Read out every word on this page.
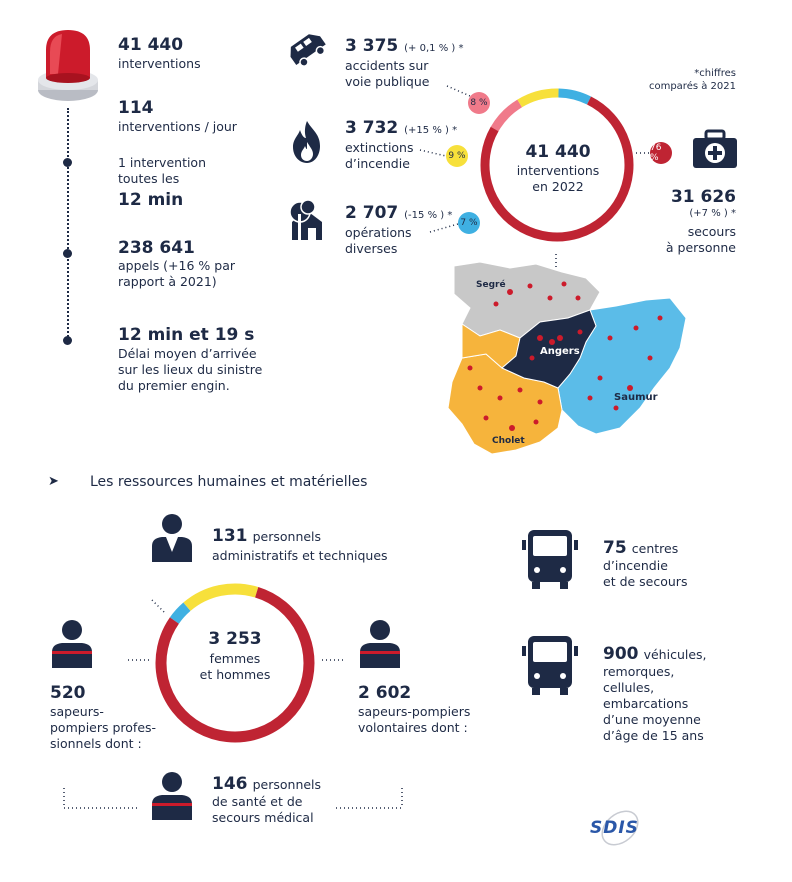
41 440
interventions
114
interventions / jour
1 intervention
toutes les
12 min
238 641
appels (+16 % par
rapport à 2021)
12 min et 19 s
Délai moyen d’arrivée
sur les lieux du sinistre
du premier engin.
3 375 (+ 0,1 % ) *
accidents sur
voie publique
3 732 (+15 % ) *
extinctions
d’incendie
2 707 (-15 % ) *
opérations
diverses
41 440
interventions
en 2022
8 %
9 %
7 %
76 %
*chiffres
comparés à 2021
31 626
(+7 % ) *
secours
à personne
Segré
Angers
Saumur
Cholet
➤ Les ressources humaines et matérielles
3 253
femmes
et hommes
131 personnels
administratifs et techniques
520
sapeurs-
pompiers profes-
sionnels dont :
2 602
sapeurs-pompiers
volontaires dont :
146 personnels
de santé et de
secours médical
75 centres
d’incendie
et de secours
900 véhicules,
remorques,
cellules,
embarcations
d’une moyenne
d’âge de 15 ans
SDIS
